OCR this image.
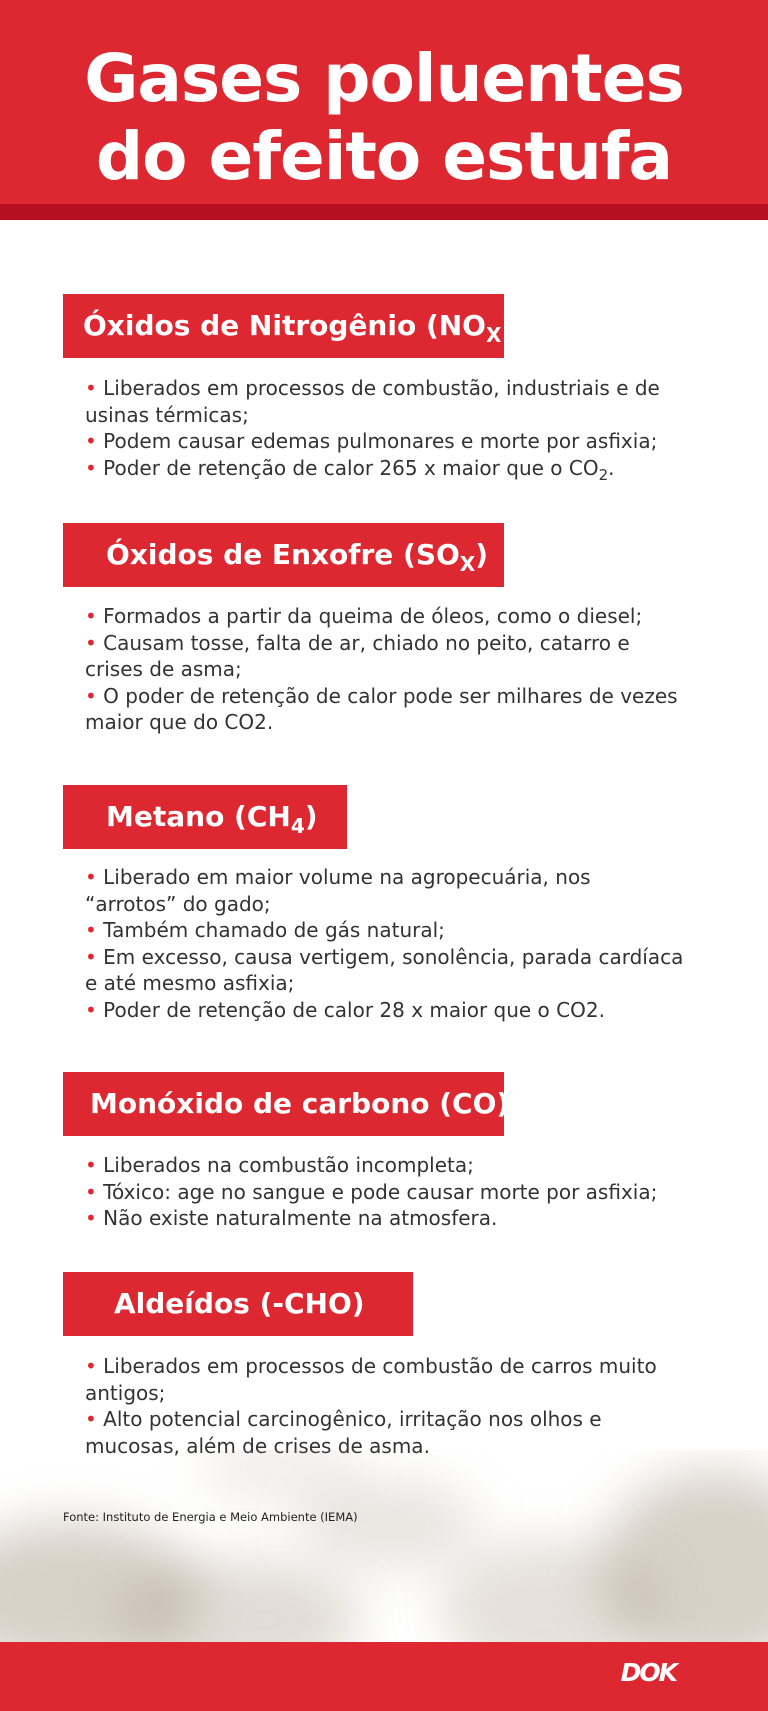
Gases poluentes
do efeito estufa
Óxidos de Nitrogênio $(NO_X)$
• Liberados em processos de combustão, industriais e de usinas térmicas;
• Podem causar edemas pulmonares e morte por asfixia;
• Poder de retenção de calor 265 x maior que o $CO_2$.
Óxidos de Enxofre $(SO_X)$
• Formados a partir da queima de óleos, como o diesel;
• Causam tosse, falta de ar, chiado no peito, catarro e crises de asma;
• O poder de retenção de calor pode ser milhares de vezes maior que do CO2.
Metano $(CH_4)$
• Liberado em maior volume na agropecuária, nos “arrotos” do gado;
• Também chamado de gás natural;
• Em excesso, causa vertigem, sonolência, parada cardíaca e até mesmo asfixia;
• Poder de retenção de calor 28 x maior que o CO2.
Monóxido de carbono (CO)
• Liberados na combustão incompleta;
• Tóxico: age no sangue e pode causar morte por asfixia;
• Não existe naturalmente na atmosfera.
Aldeídos (-CHO)
• Liberados em processos de combustão de carros muito antigos;
• Alto potencial carcinogênico, irritação nos olhos e mucosas, além de crises de asma.
Fonte: Instituto de Energia e Meio Ambiente (IEMA)
DOK
